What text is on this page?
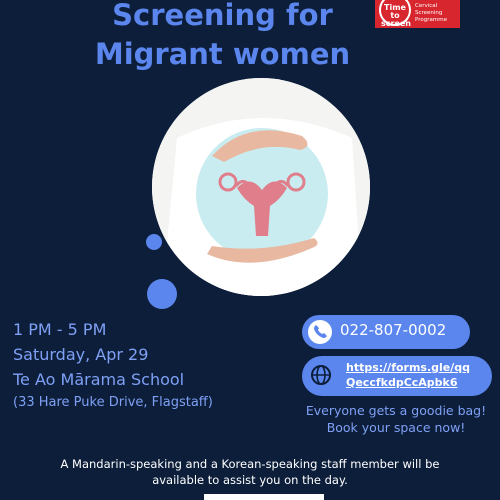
Screening for
Migrant women
Time to screen
Cervical Screening Programme
1 PM - 5 PM
Saturday, Apr 29
Te Ao Mārama School
(33 Hare Puke Drive, Flagstaff)
022-807-0002
https://forms.gle/qq
QeccfkdpCcApbk6
Everyone gets a goodie bag!
Book your space now!
A Mandarin-speaking and a Korean-speaking staff member will be
available to assist you on the day.
